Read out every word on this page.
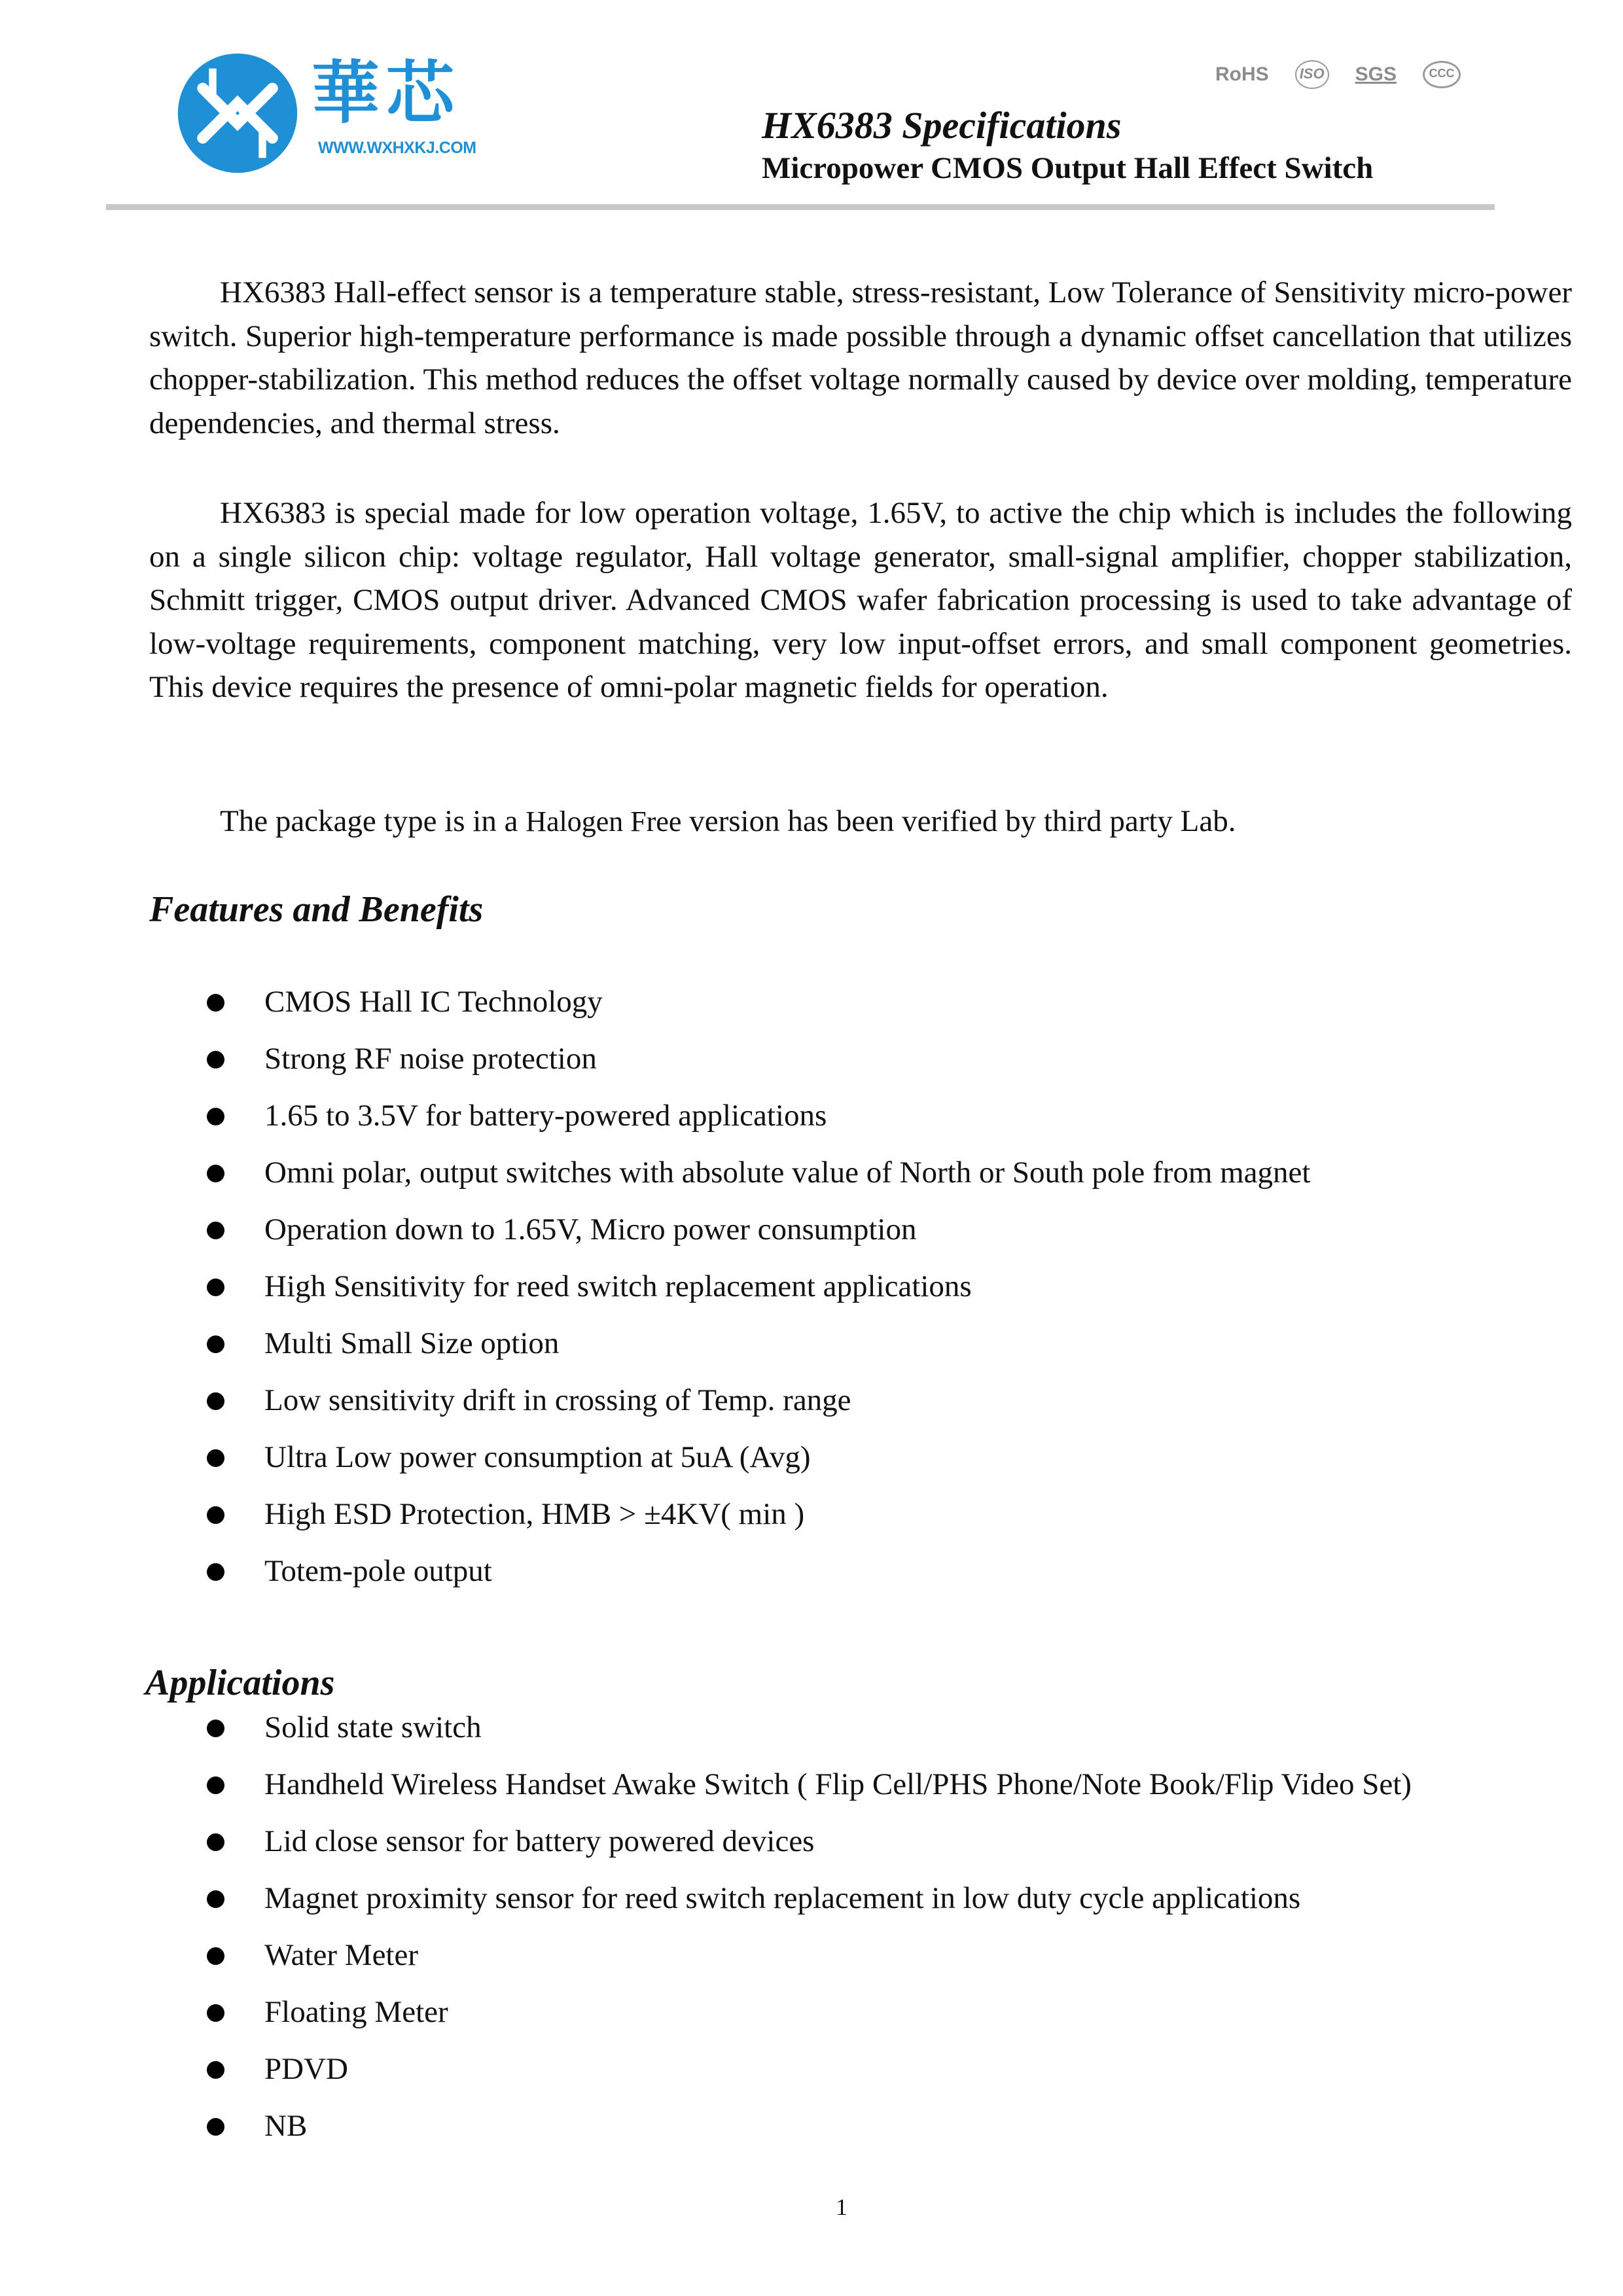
華芯
WWW.WXHXKJ.COM
RoHS	ISO SGS	CCC
HX6383 Specifications
Micropower CMOS Output Hall Effect Switch

HX6383 Hall-effect sensor is a temperature stable, stress-resistant, Low Tolerance of Sensitivity micro-power switch. Superior high-temperature performance is made possible through a dynamic offset cancellation that utilizes chopper-stabilization. This method reduces the offset voltage normally caused by device over molding, temperature dependencies, and thermal stress.

HX6383 is special made for low operation voltage, 1.65V, to active the chip which is includes the following on a single silicon chip: voltage regulator, Hall voltage generator, small-signal amplifier, chopper stabilization, Schmitt trigger, CMOS output driver. Advanced CMOS wafer fabrication processing is used to take advantage of low-voltage requirements, component matching, very low input-offset errors, and small component geometries. This device requires the presence of omni-polar magnetic fields for operation.

The package type is in a Halogen Free version has been verified by third party Lab.

Features and Benefits
CMOS Hall IC Technology
Strong RF noise protection
1.65 to 3.5V for battery-powered applications
Omni polar, output switches with absolute value of North or South pole from magnet
Operation down to 1.65V, Micro power consumption
High Sensitivity for reed switch replacement applications
Multi Small Size option
Low sensitivity drift in crossing of Temp. range
Ultra Low power consumption at 5uA (Avg)
High ESD Protection, HMB > ±4KV( min )
Totem-pole output
Applications
Solid state switch
Handheld Wireless Handset Awake Switch ( Flip Cell/PHS Phone/Note Book/Flip Video Set)
Lid close sensor for battery powered devices
Magnet proximity sensor for reed switch replacement in low duty cycle applications
Water Meter
Floating Meter
PDVD
NB
1
